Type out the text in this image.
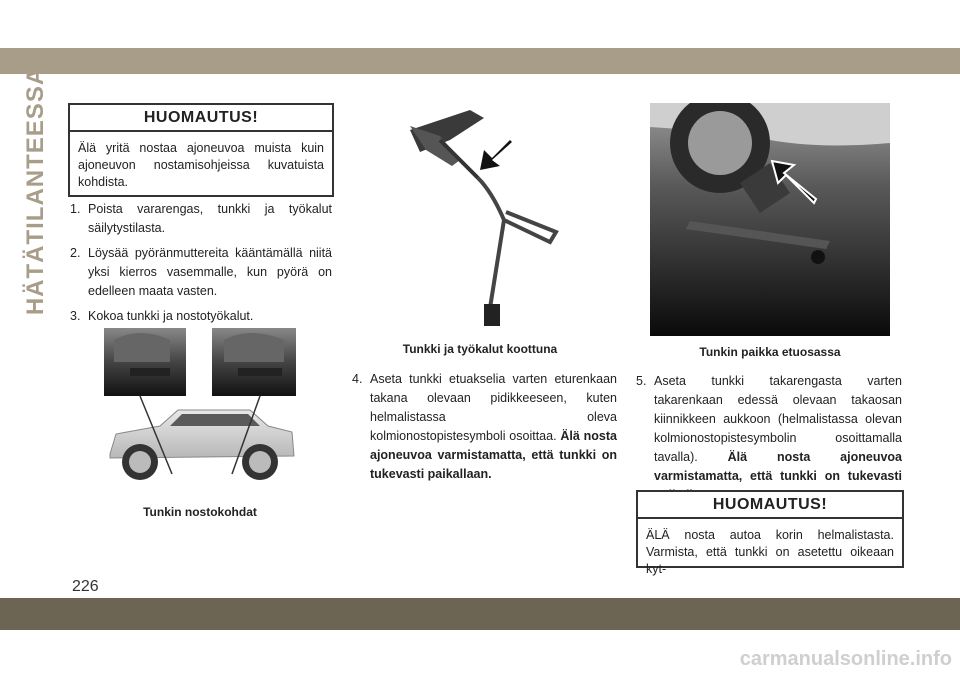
HÄTÄTILANTEESSA	HUOMAUTUS!
Älä yritä nostaa ajoneuvoa muista kuin ajoneuvon nostamisohjeissa kuvatuista kohdista.
1. Poista vararengas, tunkki ja työkalut säilytystilasta.
2. Löysää pyöränmuttereita kääntämällä niitä yksi kierros vasemmalle, kun pyörä on edelleen maata vasten.
3. Kokoa tunkki ja nostotyökalut.
Tunkin nostokohdat
Tunkki ja työkalut koottuna
4. Aseta tunkki etuakselia varten eturenkaan takana olevaan pidikkeeseen, kuten helmalistassa oleva kolmionostopistesymboli osoittaa. Älä nosta ajoneuvoa varmistamatta, että tunkki on tukevasti paikallaan.
Tunkin paikka etuosassa
5. Aseta tunkki takarengasta varten takarenkaan edessä olevaan takaosan kiinnikkeen aukkoon (helmalistassa olevan kolmionostopistesymbolin osoittamalla tavalla). Älä nosta ajoneuvoa varmistamatta, että tunkki on tukevasti
HUOMAUTUS!
ÄLÄ nosta autoa korin helmalistasta. Varmista, että tunkki on asetettu oikeaan kyt-
226
carmanualsonline.info
